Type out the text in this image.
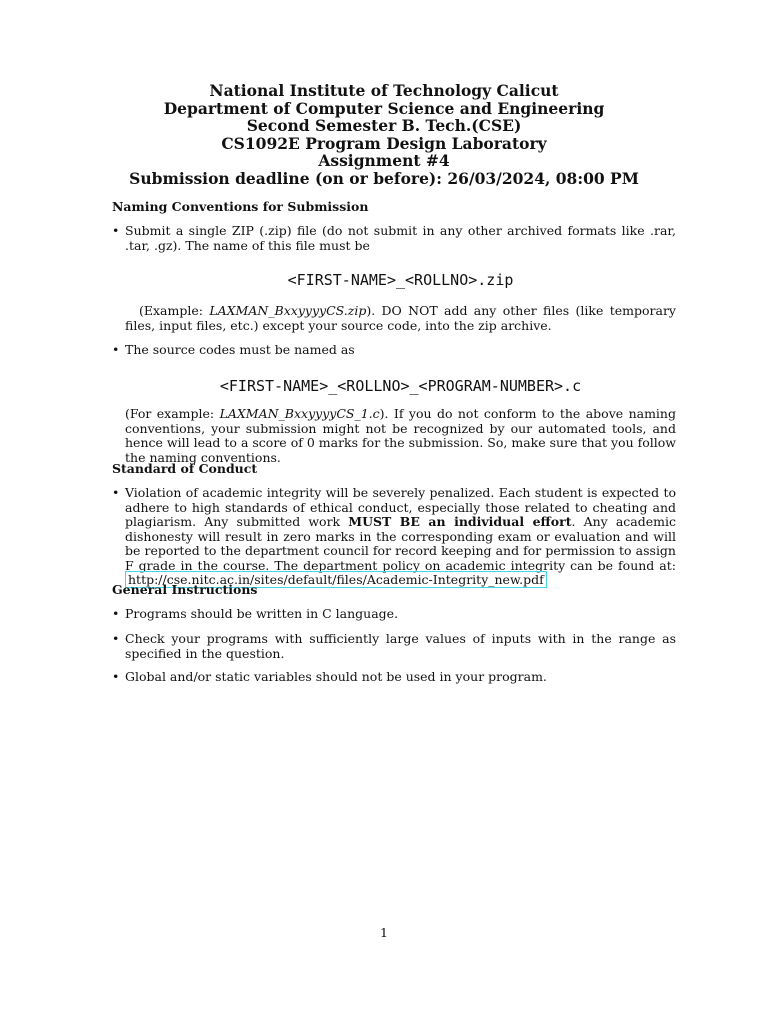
National Institute of Technology Calicut
Department of Computer Science and Engineering
Second Semester B. Tech.(CSE)
CS1092E Program Design Laboratory
Assignment #4
Submission deadline (on or before): 26/03/2024, 08:00 PM
Naming Conventions for Submission
• Submit a single ZIP (.zip) file (do not submit in any other archived formats like .rar, .tar, .gz). The name of this file must be
<FIRST-NAME>_<ROLLNO>.zip
(Example: LAXMAN_BxxyyyyCS.zip). DO NOT add any other files (like temporary files, input files, etc.) except your source code, into the zip archive.
• The source codes must be named as
<FIRST-NAME>_<ROLLNO>_<PROGRAM-NUMBER>.c
(For example: LAXMAN_BxxyyyyCS_1.c). If you do not conform to the above naming conventions, your submission might not be recognized by our automated tools, and hence will lead to a score of 0 marks for the submission. So, make sure that you follow the naming conventions.
Standard of Conduct
• Violation of academic integrity will be severely penalized. Each student is expected to adhere to high standards of ethical conduct, especially those related to cheating and plagiarism. Any submitted work MUST BE an individual effort. Any academic dishonesty will result in zero marks in the corresponding exam or evaluation and will be reported to the department council for record keeping and for permission to assign F grade in the course. The department policy on academic integrity can be found at: http://cse.nitc.ac.in/sites/default/files/Academic-Integrity_new.pdf
General Instructions
• Programs should be written in C language.
• Check your programs with sufficiently large values of inputs with in the range as specified in the question.
• Global and/or static variables should not be used in your program.
1
